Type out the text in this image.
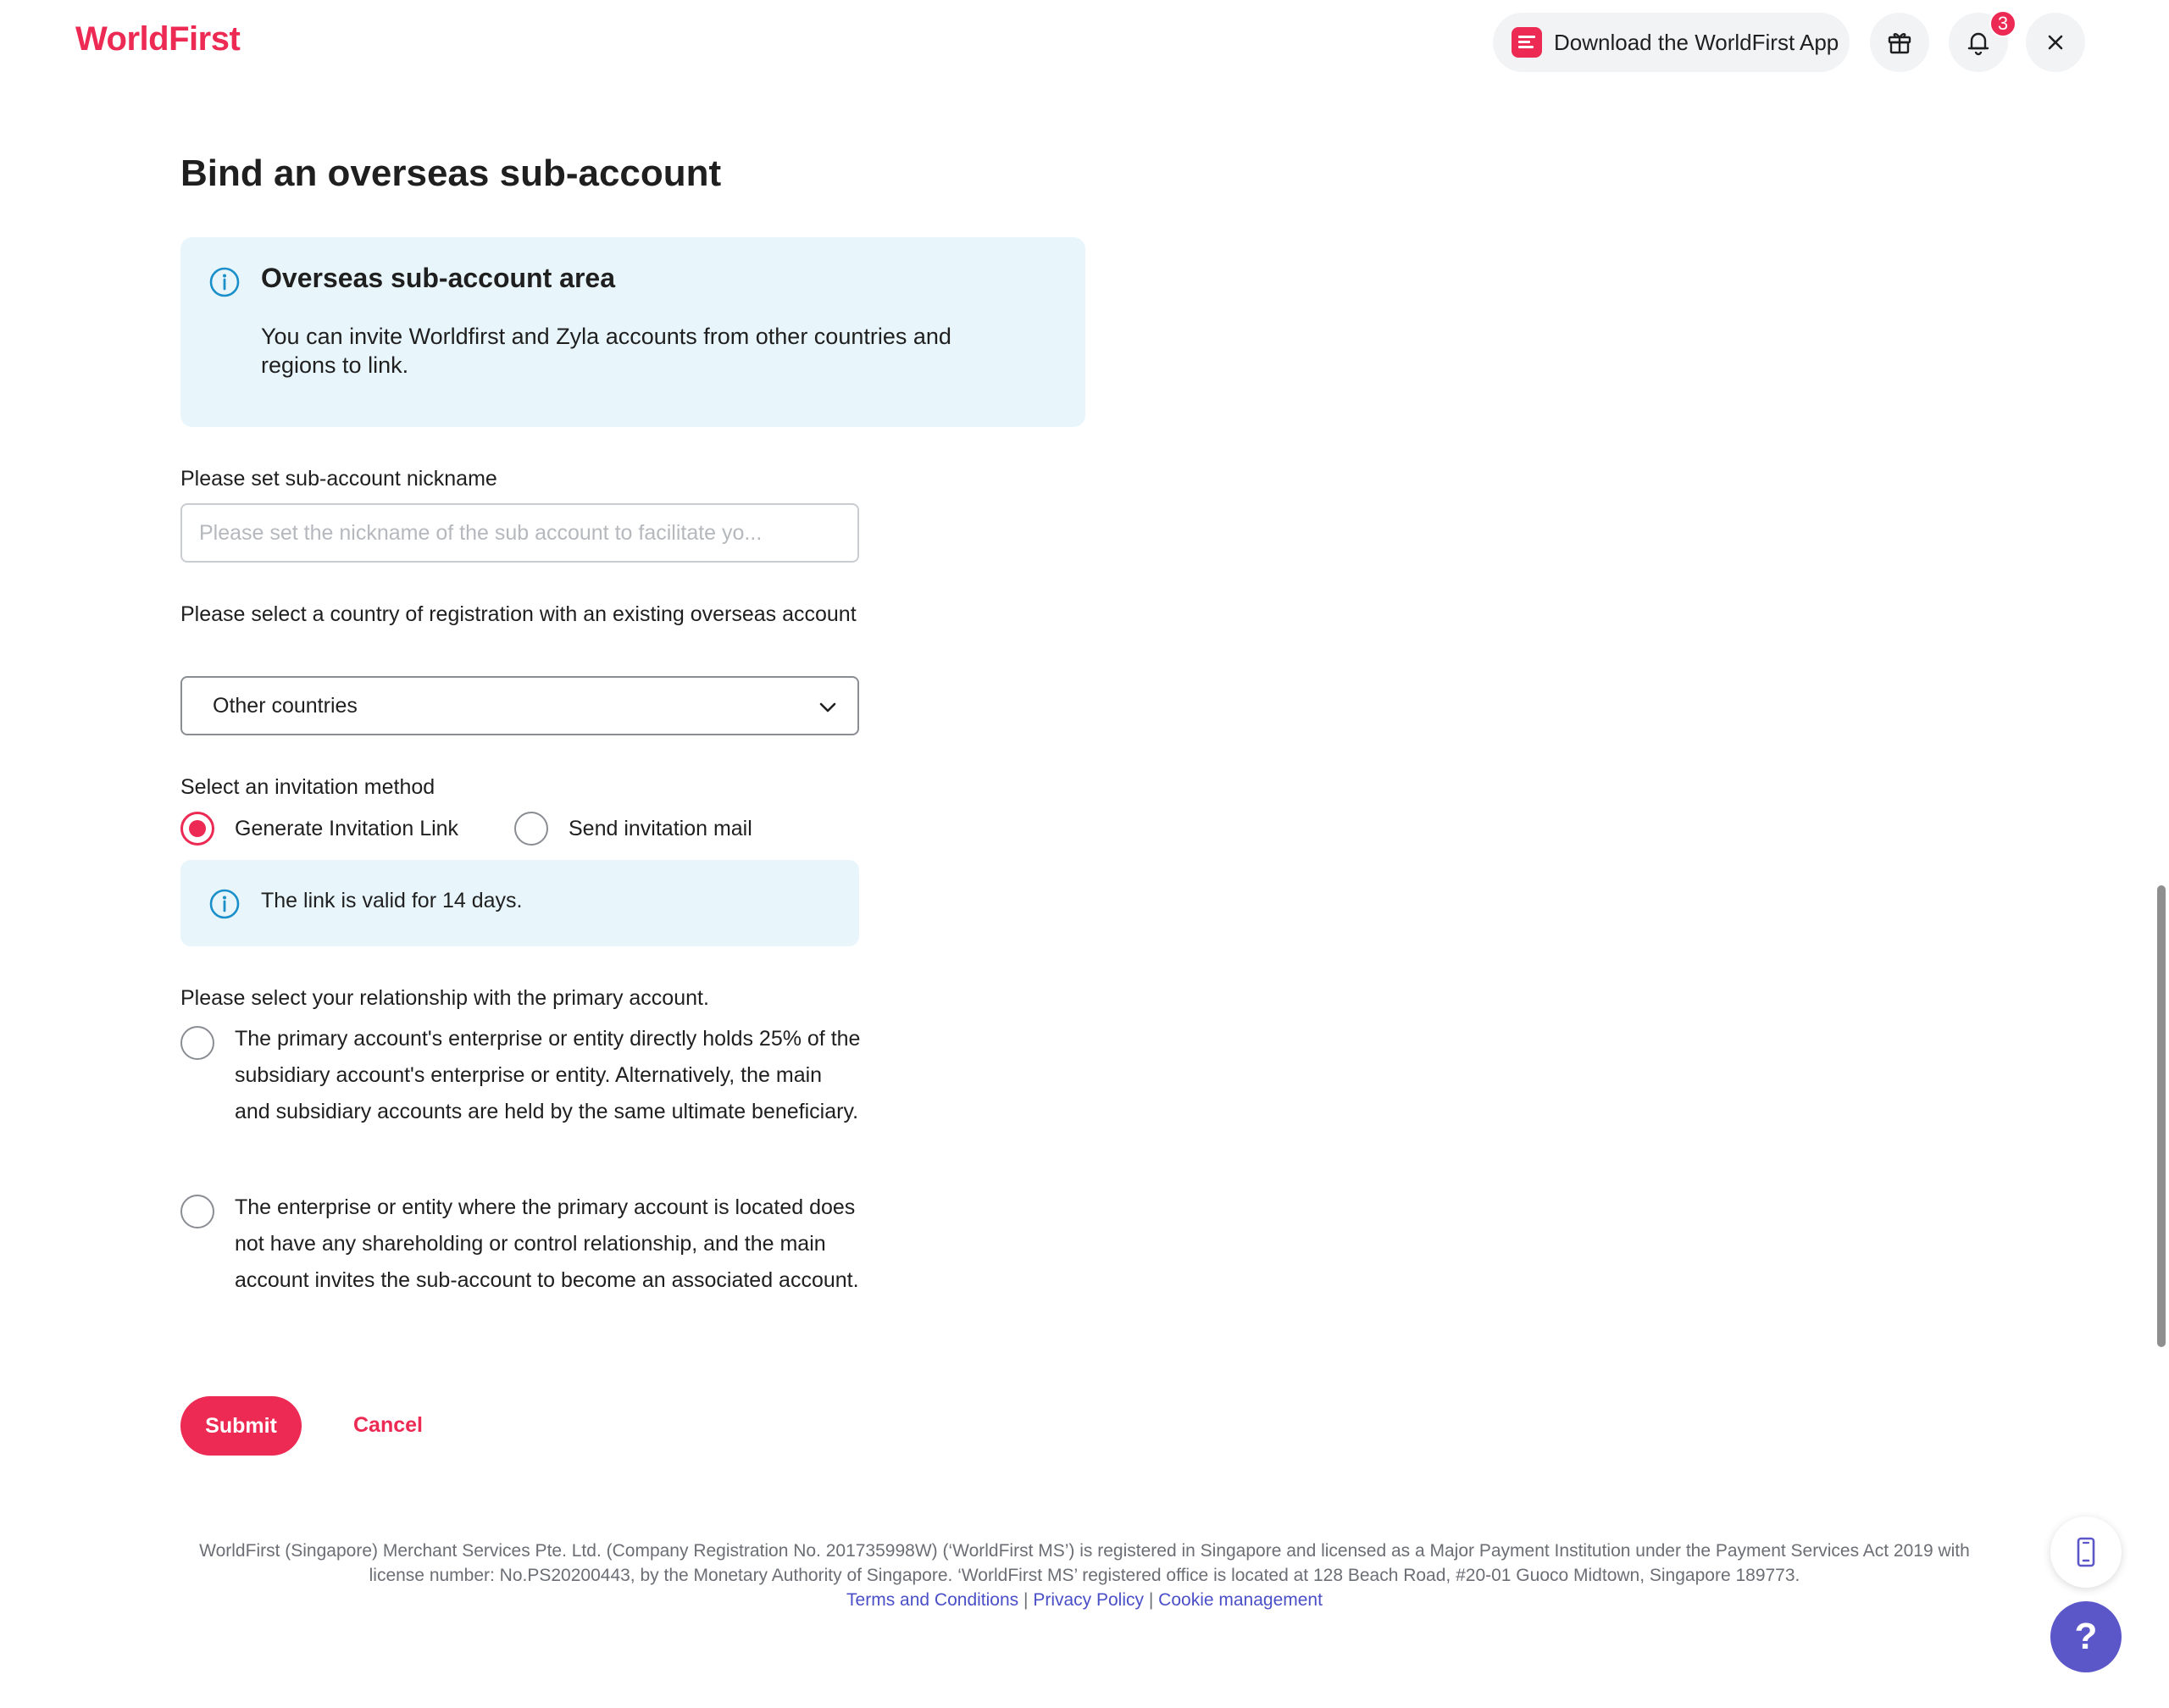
WorldFirst	Download the WorldFirst App
3
Bind an overseas sub-account
Overseas sub-account area
You can invite Worldfirst and Zyla accounts from other countries and regions to link.
Please set sub-account nickname
Please set the nickname of the sub account to facilitate yo...
Please select a country of registration with an existing overseas account
Other countries
Select an invitation method
Generate Invitation Link	Send invitation mail
The link is valid for 14 days.
Please select your relationship with the primary account.
The primary account's enterprise or entity directly holds 25% of the subsidiary account's enterprise or entity. Alternatively, the main and subsidiary accounts are held by the same ultimate beneficiary.
The enterprise or entity where the primary account is located does not have any shareholding or control relationship, and the main account invites the sub-account to become an associated account.
Submit	Cancel
WorldFirst (Singapore) Merchant Services Pte. Ltd. (Company Registration No. 201735998W) (‘WorldFirst MS’) is registered in Singapore and licensed as a Major Payment Institution under the Payment Services Act 2019 with license number: No.PS20200443, by the Monetary Authority of Singapore. ‘WorldFirst MS’ registered office is located at 128 Beach Road, #20-01 Guoco Midtown, Singapore 189773.
Terms and Conditions | Privacy Policy | Cookie management
?
